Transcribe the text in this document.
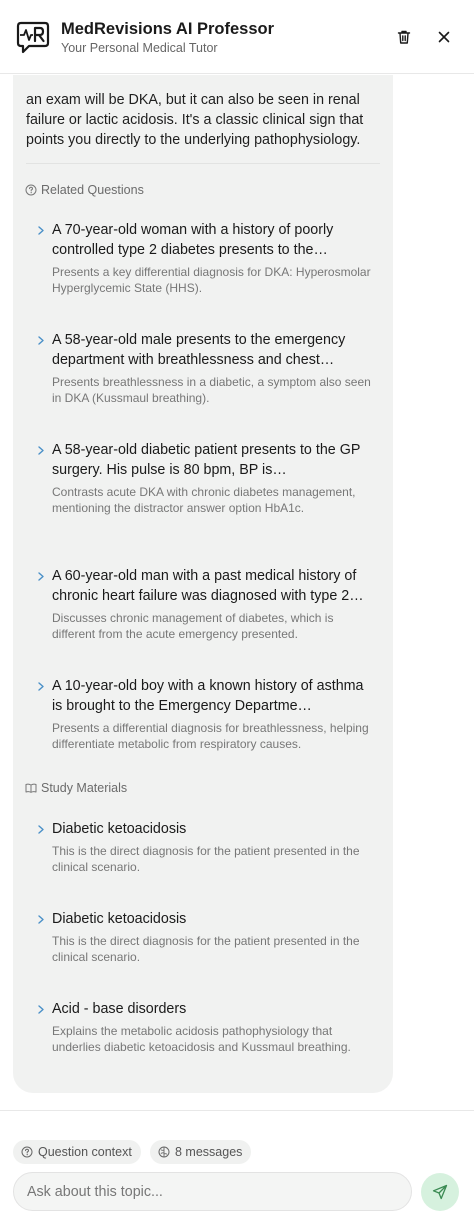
MedRevisions AI Professor
Your Personal Medical Tutor
an exam will be DKA, but it can also be seen in renal failure or lactic acidosis. It's a classic clinical sign that points you directly to the underlying pathophysiology.
Related Questions
A 70-year-old woman with a history of poorly controlled type 2 diabetes presents to the…
Presents a key differential diagnosis for DKA: Hyperosmolar Hyperglycemic State (HHS).
A 58-year-old male presents to the emergency department with breathlessness and chest…
Presents breathlessness in a diabetic, a symptom also seen in DKA (Kussmaul breathing).
A 58-year-old diabetic patient presents to the GP surgery. His pulse is 80 bpm, BP is…
Contrasts acute DKA with chronic diabetes management, mentioning the distractor answer option HbA1c.
A 60-year-old man with a past medical history of chronic heart failure was diagnosed with type 2…
Discusses chronic management of diabetes, which is different from the acute emergency presented.
A 10-year-old boy with a known history of asthma is brought to the Emergency Departme…
Presents a differential diagnosis for breathlessness, helping differentiate metabolic from respiratory causes.
Study Materials
Diabetic ketoacidosis
This is the direct diagnosis for the patient presented in the clinical scenario.
Diabetic ketoacidosis
This is the direct diagnosis for the patient presented in the clinical scenario.
Acid - base disorders
Explains the metabolic acidosis pathophysiology that underlies diabetic ketoacidosis and Kussmaul breathing.
Question context	8 messages
Ask about this topic...
